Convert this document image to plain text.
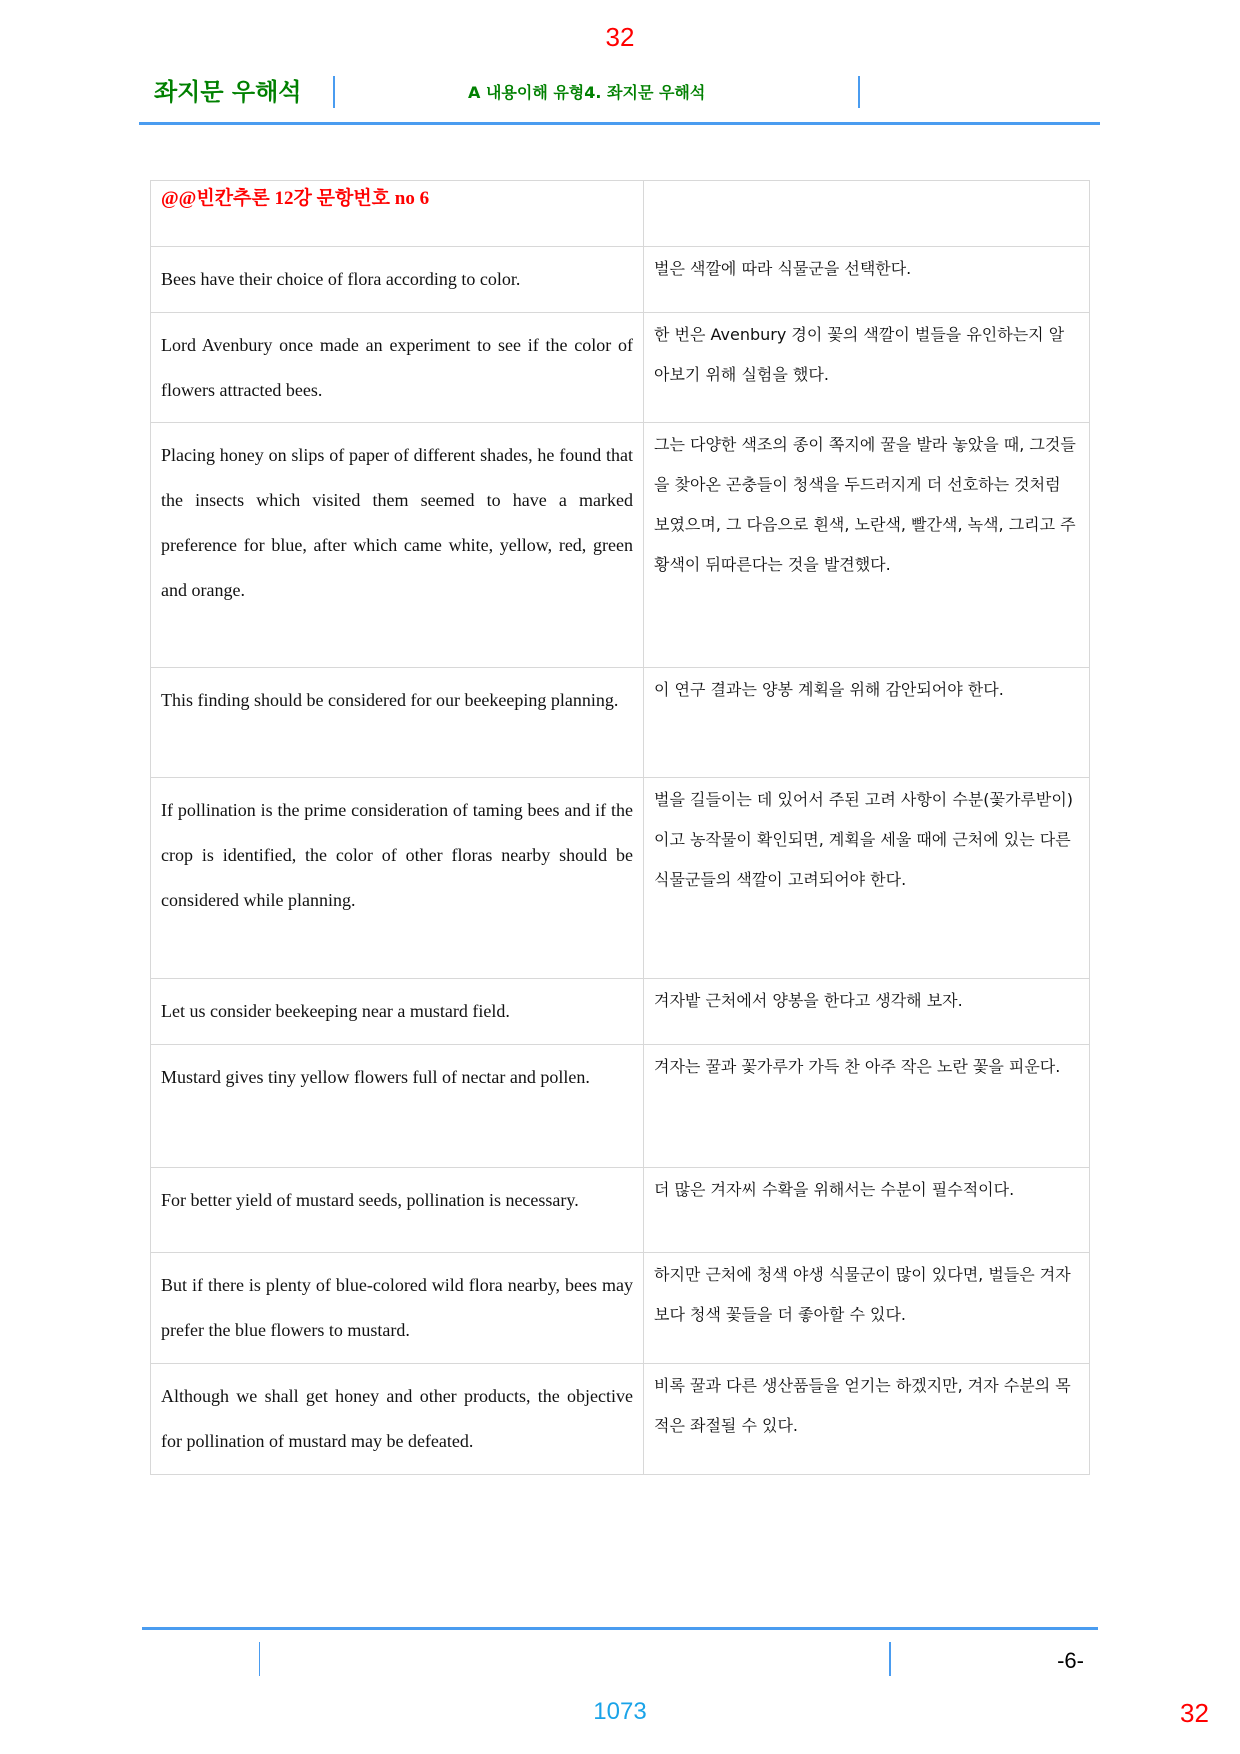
32
좌지문 우해석	A 내용이해 유형4. 좌지문 우해석
@@빈칸추론 12강 문항번호 no 6	
Bees have their choice of flora according to color.	벌은 색깔에 따라 식물군을 선택한다.
Lord Avenbury once made an experiment to see if the color of flowers attracted bees.	한 번은 Avenbury 경이 꽃의 색깔이 벌들을 유인하는지 알아보기 위해 실험을 했다.
Placing honey on slips of paper of different shades, he found that the insects which visited them seemed to have a marked preference for blue, after which came white, yellow, red, green and orange.	그는 다양한 색조의 종이 쪽지에 꿀을 발라 놓았을 때, 그것들을 찾아온 곤충들이 청색을 두드러지게 더 선호하는 것처럼 보였으며, 그 다음으로 흰색, 노란색, 빨간색, 녹색, 그리고 주황색이 뒤따른다는 것을 발견했다.
This finding should be considered for our beekeeping planning.	이 연구 결과는 양봉 계획을 위해 감안되어야 한다.
If pollination is the prime consideration of taming bees and if the crop is identified, the color of other floras nearby should be considered while planning.	벌을 길들이는 데 있어서 주된 고려 사항이 수분(꽃가루받이)이고 농작물이 확인되면, 계획을 세울 때에 근처에 있는 다른 식물군들의 색깔이 고려되어야 한다.
Let us consider beekeeping near a mustard field.	겨자밭 근처에서 양봉을 한다고 생각해 보자.
Mustard gives tiny yellow flowers full of nectar and pollen.	겨자는 꿀과 꽃가루가 가득 찬 아주 작은 노란 꽃을 피운다.
For better yield of mustard seeds, pollination is necessary.	더 많은 겨자씨 수확을 위해서는 수분이 필수적이다.
But if there is plenty of blue-colored wild flora nearby, bees may prefer the blue flowers to mustard.	하지만 근처에 청색 야생 식물군이 많이 있다면, 벌들은 겨자보다 청색 꽃들을 더 좋아할 수 있다.
Although we shall get honey and other products, the objective for pollination of mustard may be defeated.	비록 꿀과 다른 생산품들을 얻기는 하겠지만, 겨자 수분의 목적은 좌절될 수 있다.
-6-
1073	32
